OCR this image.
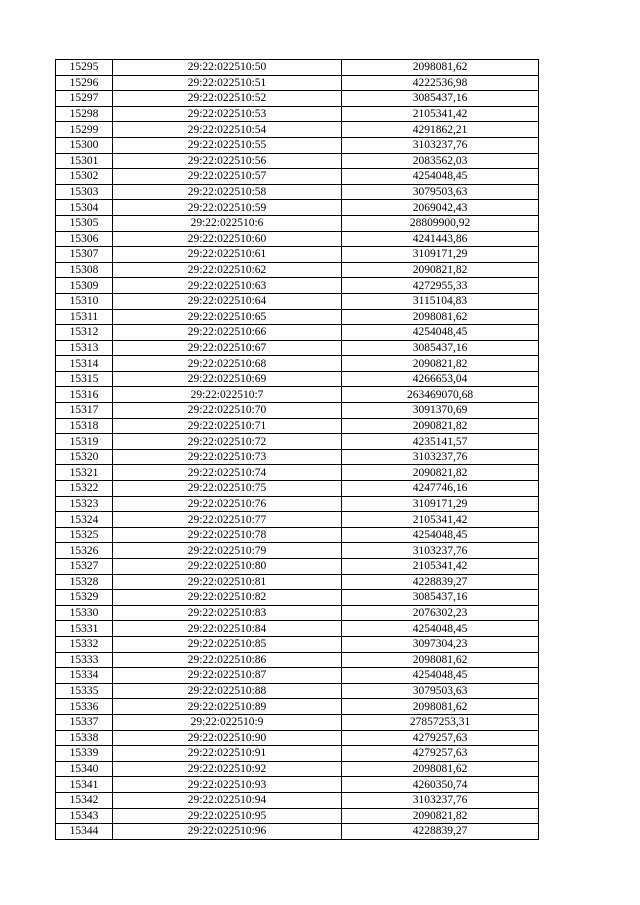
15295	29:22:022510:50	2098081,62
15296	29:22:022510:51	4222536,98
15297	29:22:022510:52	3085437,16
15298	29:22:022510:53	2105341,42
15299	29:22:022510:54	4291862,21
15300	29:22:022510:55	3103237,76
15301	29:22:022510:56	2083562,03
15302	29:22:022510:57	4254048,45
15303	29:22:022510:58	3079503,63
15304	29:22:022510:59	2069042,43
15305	29:22:022510:6	28809900,92
15306	29:22:022510:60	4241443,86
15307	29:22:022510:61	3109171,29
15308	29:22:022510:62	2090821,82
15309	29:22:022510:63	4272955,33
15310	29:22:022510:64	3115104,83
15311	29:22:022510:65	2098081,62
15312	29:22:022510:66	4254048,45
15313	29:22:022510:67	3085437,16
15314	29:22:022510:68	2090821,82
15315	29:22:022510:69	4266653,04
15316	29:22:022510:7	263469070,68
15317	29:22:022510:70	3091370,69
15318	29:22:022510:71	2090821,82
15319	29:22:022510:72	4235141,57
15320	29:22:022510:73	3103237,76
15321	29:22:022510:74	2090821,82
15322	29:22:022510:75	4247746,16
15323	29:22:022510:76	3109171,29
15324	29:22:022510:77	2105341,42
15325	29:22:022510:78	4254048,45
15326	29:22:022510:79	3103237,76
15327	29:22:022510:80	2105341,42
15328	29:22:022510:81	4228839,27
15329	29:22:022510:82	3085437,16
15330	29:22:022510:83	2076302,23
15331	29:22:022510:84	4254048,45
15332	29:22:022510:85	3097304,23
15333	29:22:022510:86	2098081,62
15334	29:22:022510:87	4254048,45
15335	29:22:022510:88	3079503,63
15336	29:22:022510:89	2098081,62
15337	29:22:022510:9	27857253,31
15338	29:22:022510:90	4279257,63
15339	29:22:022510:91	4279257,63
15340	29:22:022510:92	2098081,62
15341	29:22:022510:93	4260350,74
15342	29:22:022510:94	3103237,76
15343	29:22:022510:95	2090821,82
15344	29:22:022510:96	4228839,27
